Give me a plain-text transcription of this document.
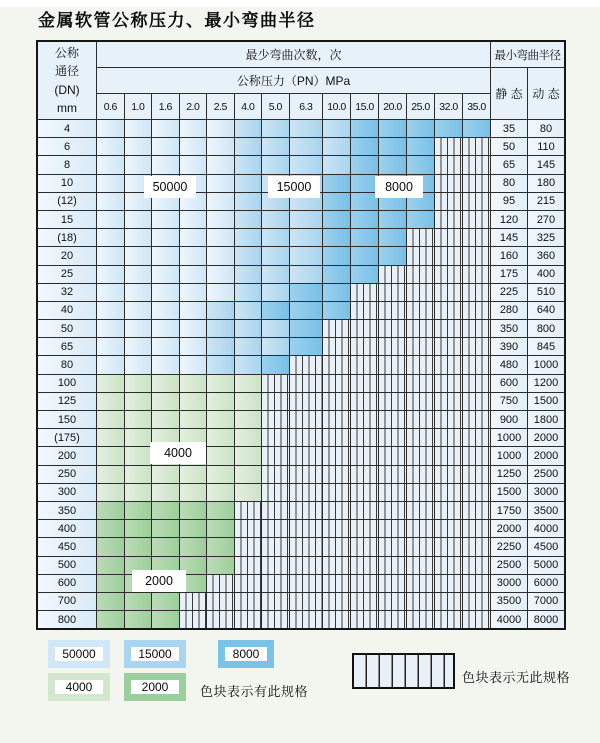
金属软管公称压力、最小弯曲半径
公称
通径
(DN)
mm
最少弯曲次数，次	最小弯曲半径
公称压力（PN）MPa
静 态 动 态
0.6	1.0	1.6	2.0	2.5	4.0	5.0	6.3	10.0 15.0 20.0 25.0 32.0 35.0
4	35	80
6	50	110
8	65	145
10	80	180
(12)	95	215
15	120	270
(18)	145	325
20	160	360
25	175	400
32	225	510
40	280	640
50	350	800
65	390	845
80	480	1000
100	600	1200
125	750	1500
150	900	1800
(175)	1000	2000
200	1000	2000
250	1250	2500
300	1500	3000
350	1750	3500
400	2000	4000
450	2250	4500
500	2500	5000
600	3000	6000
700	3500	7000
800	4000	8000
50000	15000	8000
4000
2000
50000	15000	8000
4000	2000 色块表示有此规格
色块表示无此规格
